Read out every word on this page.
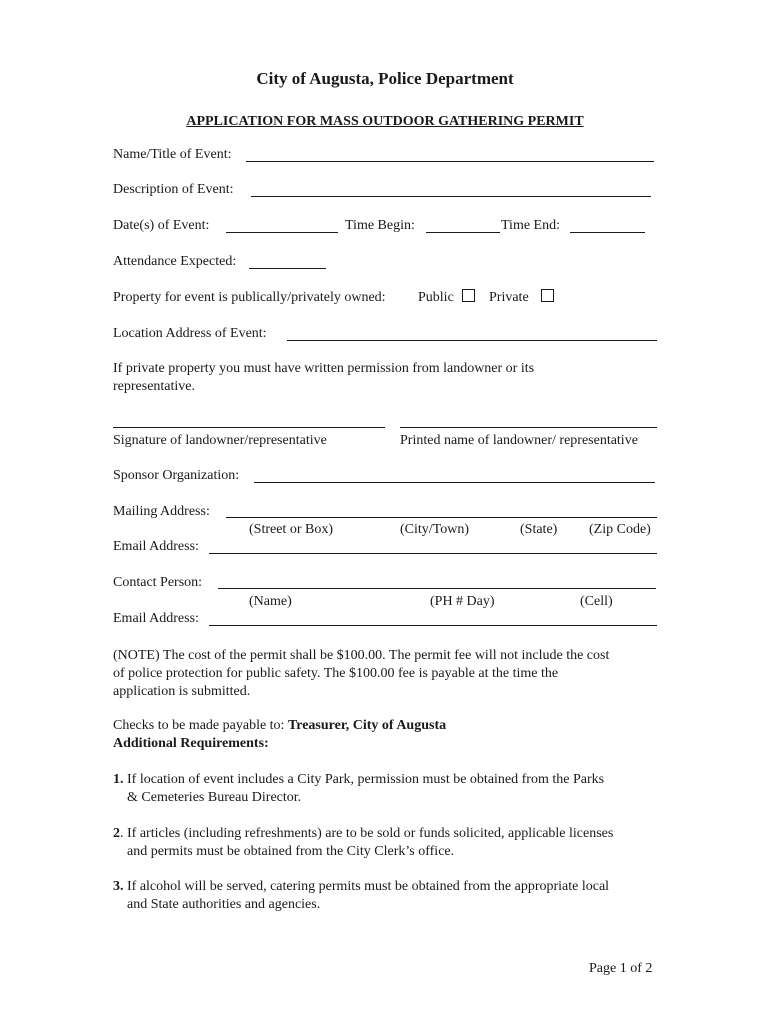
City of Augusta, Police Department
APPLICATION FOR MASS OUTDOOR GATHERING PERMIT
Name/Title of Event:
Description of Event:
Date(s) of Event:	Time Begin:	Time End:
Attendance Expected:
Property for event is publically/privately owned: Public	Private
Location Address of Event:
If private property you must have written permission from landowner or its
representative.
Signature of landowner/representative	Printed name of landowner/ representative
Sponsor Organization:
Mailing Address:
(Street or Box)	(City/Town)	(State) (Zip Code)
Email Address:
Contact Person:
(Name)	(PH # Day)	(Cell)
Email Address:
(NOTE) The cost of the permit shall be $100.00. The permit fee will not include the cost
of police protection for public safety. The $100.00 fee is payable at the time the
application is submitted.
Checks to be made payable to: Treasurer, City of Augusta
Additional Requirements:
1. If location of event includes a City Park, permission must be obtained from the Parks
& Cemeteries Bureau Director.
2. If articles (including refreshments) are to be sold or funds solicited, applicable licenses
and permits must be obtained from the City Clerk’s office.
3. If alcohol will be served, catering permits must be obtained from the appropriate local
and State authorities and agencies.
Page 1 of 2
